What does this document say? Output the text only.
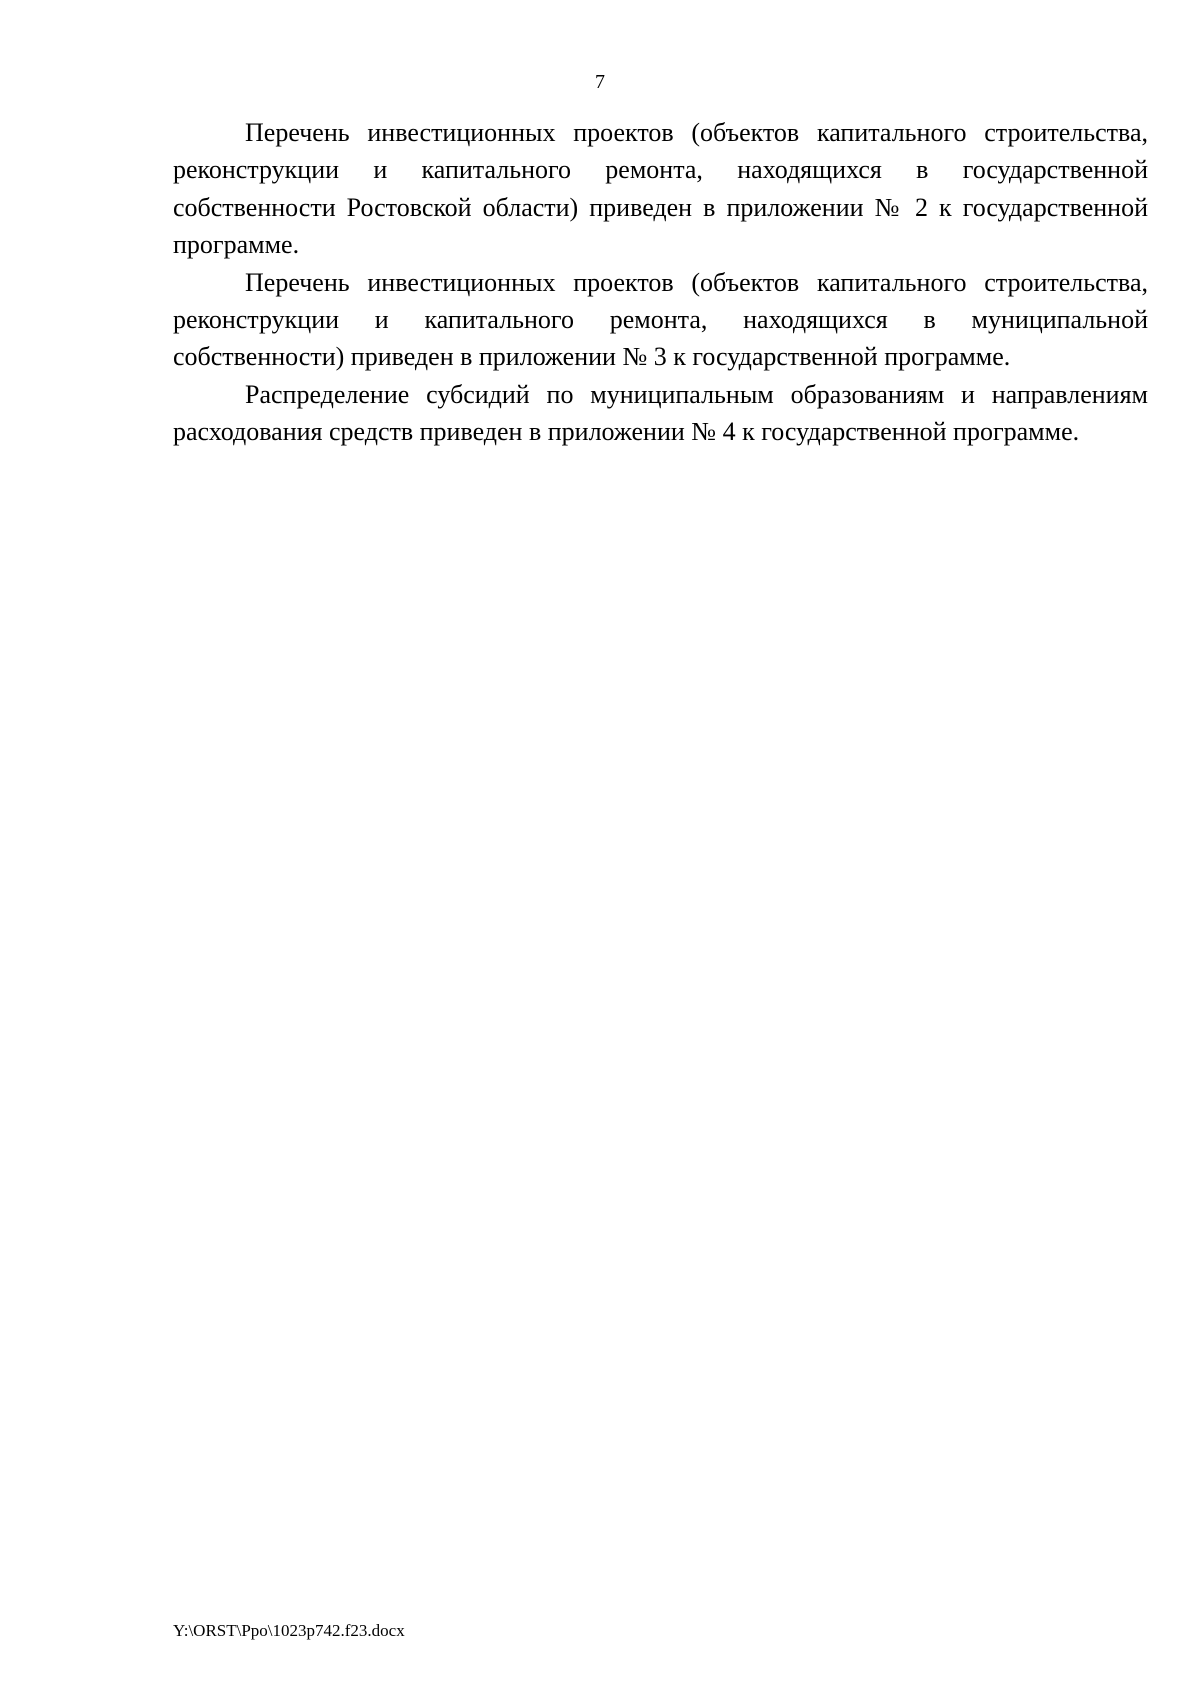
7

Перечень инвестиционных проектов (объектов капитального строительства, реконструкции и капитального ремонта, находящихся в государственной собственности Ростовской области) приведен в приложении № 2 к государственной программе.

Перечень инвестиционных проектов (объектов капитального строительства, реконструкции и капитального ремонта, находящихся в муниципальной собственности) приведен в приложении № 3 к государственной программе.

Распределение субсидий по муниципальным образованиям и направлениям расходования средств приведен в приложении № 4 к государственной программе.

Y:\ORST\Ppo\1023p742.f23.docx
